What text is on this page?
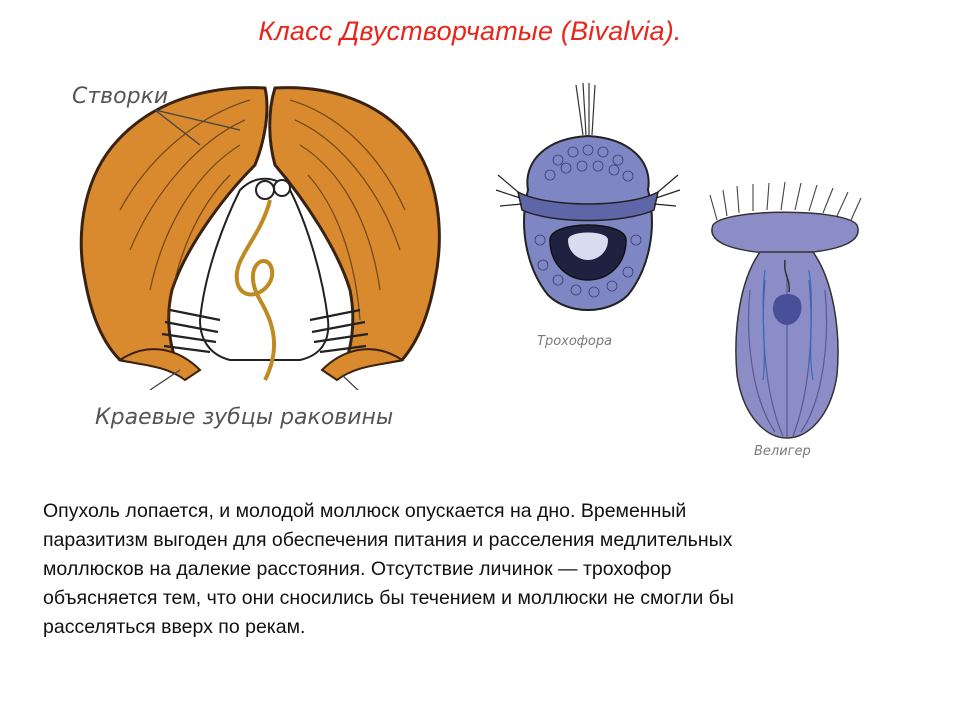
Класс Двустворчатые (Bivalvia).
Створки
Краевые зубцы раковины
Трохофора
Велигер
Опухоль лопается, и молодой моллюск опускается на дно. Временный
паразитизм выгоден для обеспечения питания и расселения медлительных
моллюсков на далекие расстояния. Отсутствие личинок — трохофор
объясняется тем, что они сносились бы течением и моллюски не смогли бы
расселяться вверх по рекам.
